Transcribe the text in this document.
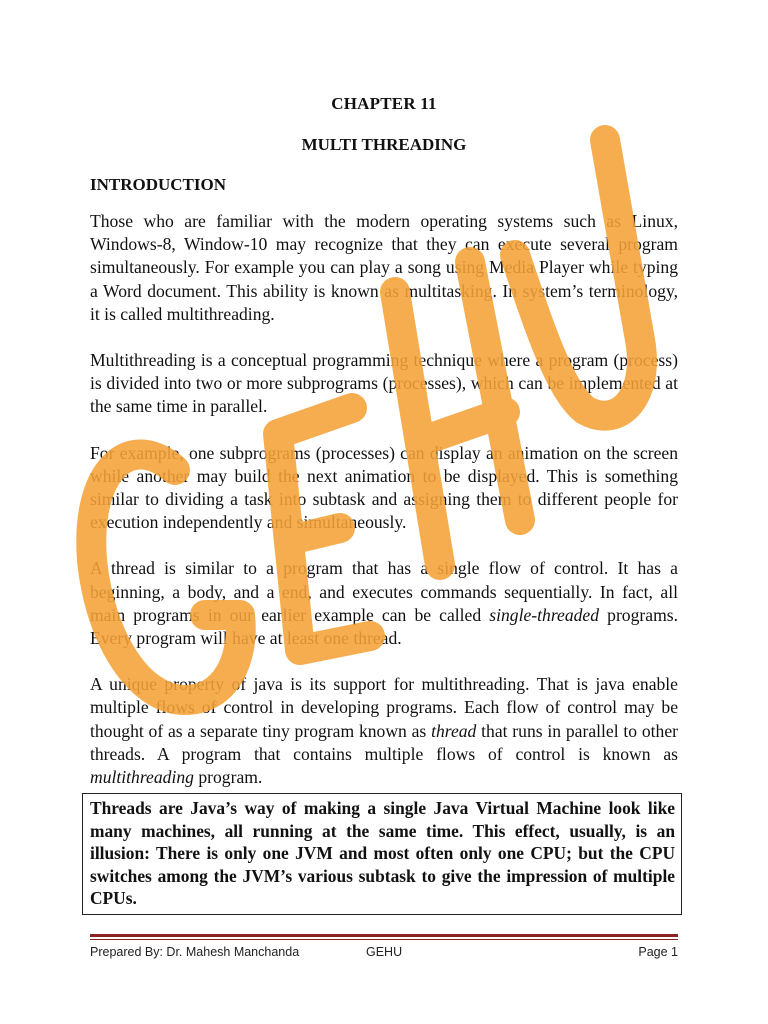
CHAPTER 11
MULTI THREADING
INTRODUCTION

Those who are familiar with the modern operating systems such as Linux, Windows-8, Window-10 may recognize that they can execute several program simultaneously. For example you can play a song using Media Player while typing a Word document. This ability is known as multitasking. In system’s terminology, it is called multithreading.

Multithreading is a conceptual programming technique where a program (process) is divided into two or more subprograms (processes), which can be implemented at the same time in parallel.

For example, one subprograms (processes) can display an animation on the screen while another may build the next animation to be displayed. This is something similar to dividing a task into subtask and assigning them to different people for execution independently and simultaneously.

A thread is similar to a program that has a single flow of control. It has a beginning, a body, and a end, and executes commands sequentially. In fact, all main programs in our earlier example can be called single-threaded programs. Every program will have at least one thread.

A unique property of java is its support for multithreading. That is java enable multiple flows of control in developing programs. Each flow of control may be thought of as a separate tiny program known as thread that runs in parallel to other threads. A program that contains multiple flows of control is known as multithreading program.

Threads are Java’s way of making a single Java Virtual Machine look like many machines, all running at the same time. This effect, usually, is an illusion: There is only one JVM and most often only one CPU; but the CPU switches among the JVM’s various subtask to give the impression of multiple CPUs.
Prepared By: Dr. Mahesh Manchanda	GEHU	Page 1
